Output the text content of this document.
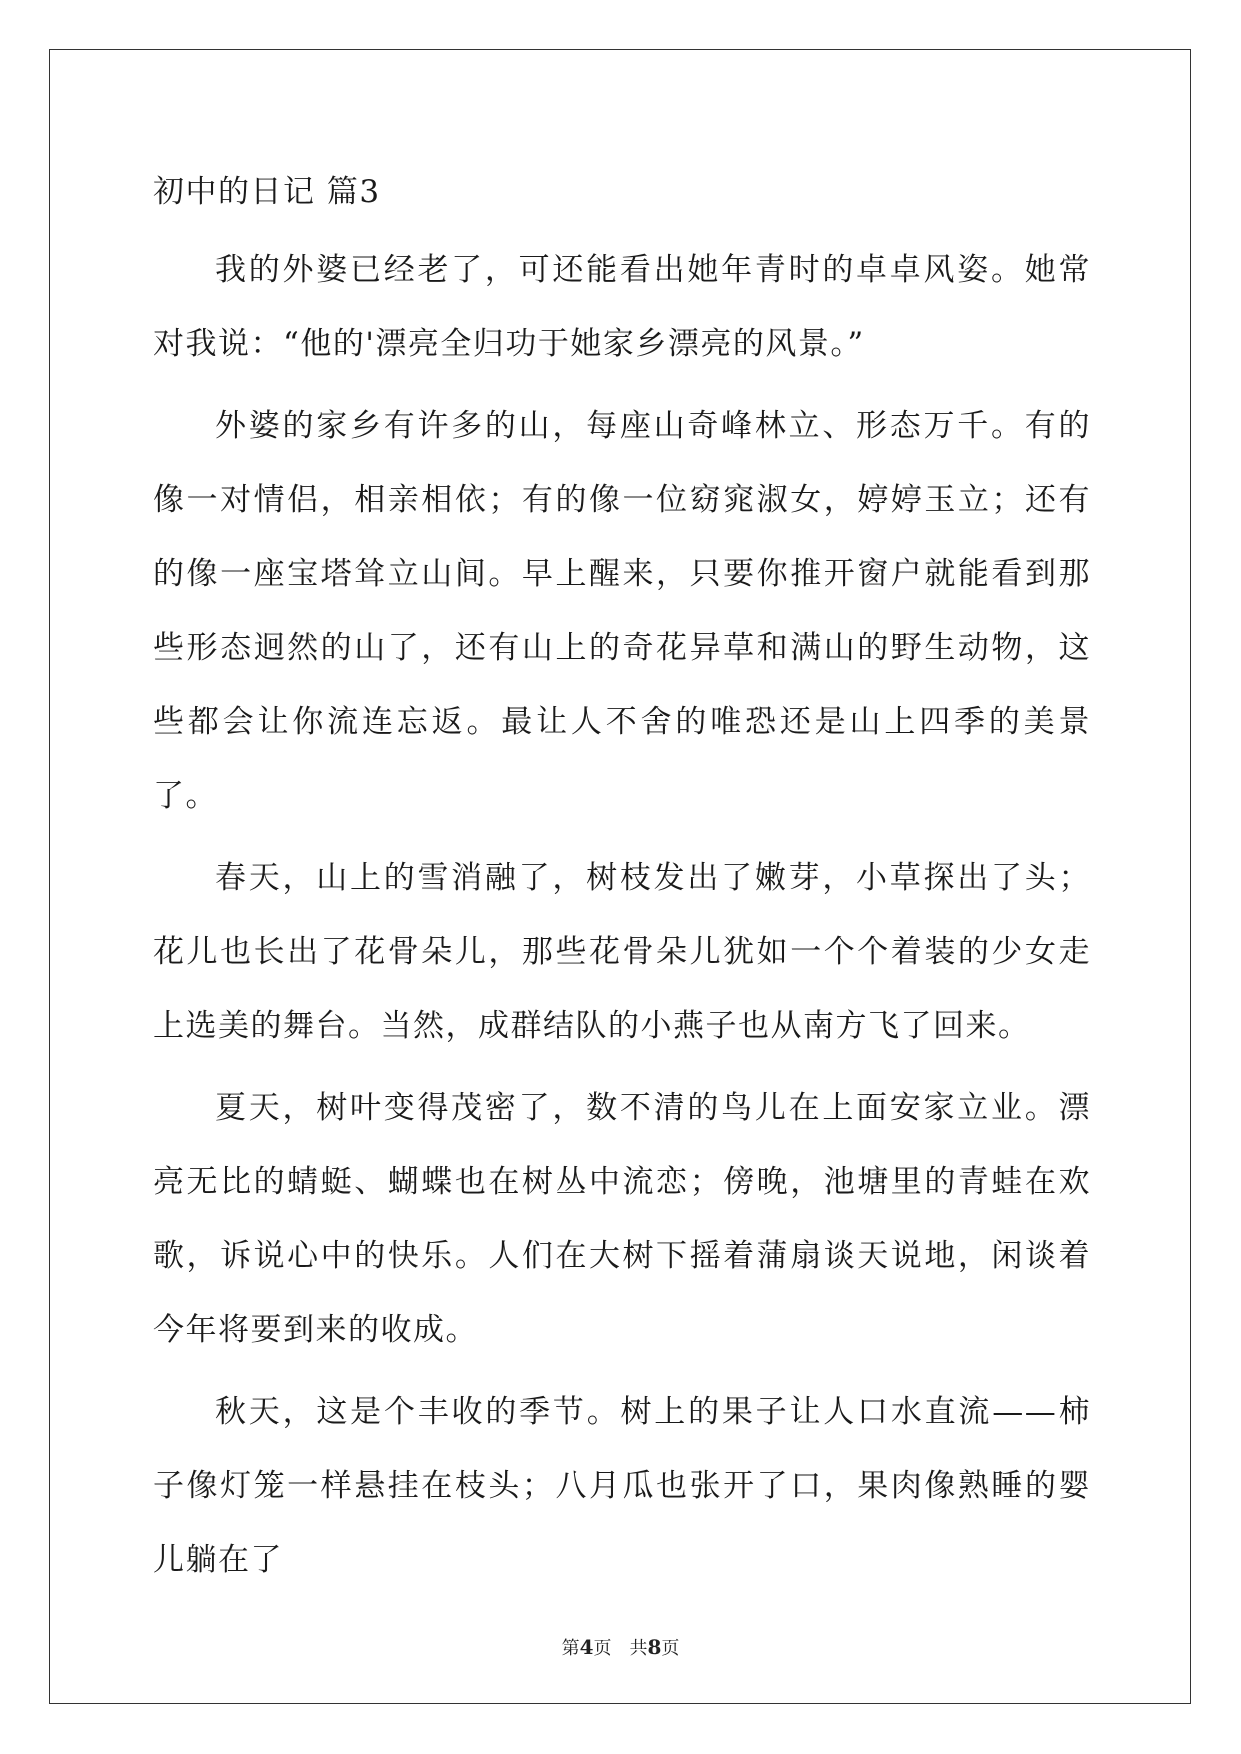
初中的日记 篇3

我的外婆已经老了，可还能看出她年青时的卓卓风姿。她常对我说：“他的'漂亮全归功于她家乡漂亮的风景。”

外婆的家乡有许多的山，每座山奇峰林立、形态万千。有的像一对情侣，相亲相依；有的像一位窈窕淑女，婷婷玉立；还有的像一座宝塔耸立山间。早上醒来，只要你推开窗户就能看到那些形态迥然的山了，还有山上的奇花异草和满山的野生动物，这些都会让你流连忘返。最让人不舍的唯恐还是山上四季的美景了。

春天，山上的雪消融了，树枝发出了嫩芽，小草探出了头；花儿也长出了花骨朵儿，那些花骨朵儿犹如一个个着装的少女走上选美的舞台。当然，成群结队的小燕子也从南方飞了回来。

夏天，树叶变得茂密了，数不清的鸟儿在上面安家立业。漂亮无比的蜻蜓、蝴蝶也在树丛中流恋；傍晚，池塘里的青蛙在欢歌，诉说心中的快乐。人们在大树下摇着蒲扇谈天说地，闲谈着今年将要到来的收成。

秋天，这是个丰收的季节。树上的果子让人口水直流——柿子像灯笼一样悬挂在枝头；八月瓜也张开了口，果肉像熟睡的婴儿躺在了

第4页 共8页
